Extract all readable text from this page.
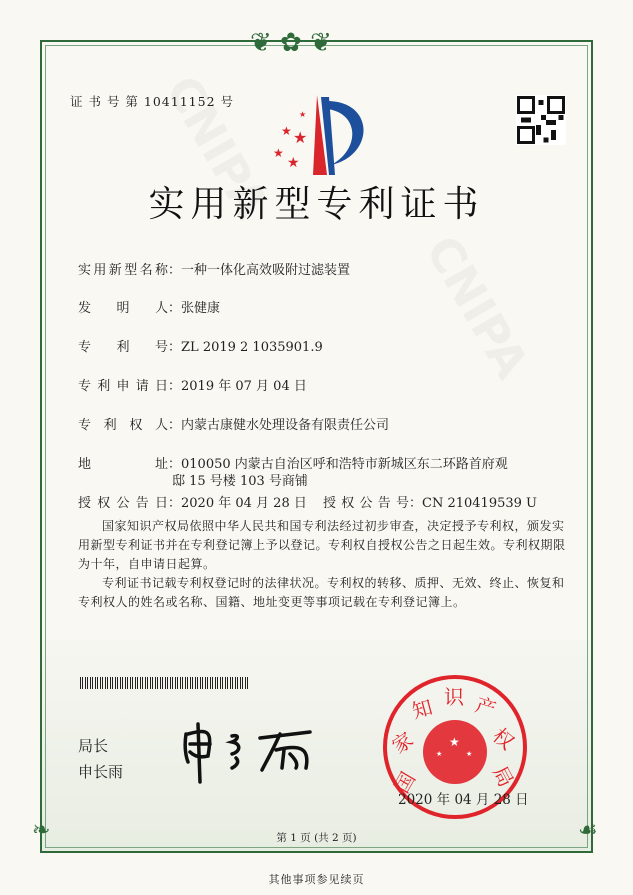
❦ ✿ ❦
❧	☙
证 书 号 第 10411152 号
★
★ ★
★
★
实用新型专利证书
实用新型名称：一种一体化高效吸附过滤装置
发明人：张健康
专利号：ZL 2019 2 1035901.9
专利申请日：2019 年 07 月 04 日
专利权人：内蒙古康健水处理设备有限责任公司
地址：010050 内蒙古自治区呼和浩特市新城区东二环路首府观
邸 15 号楼 103 号商铺
授权公告日：2020 年 04 月 28 日 授权公告号：CN 210419539 U
国家知识产权局依照中华人民共和国专利法经过初步审查，决定授予专利权，颁发实用新型专利证书并在专利登记簿上予以登记。专利权自授权公告之日起生效。专利权期限为十年，自申请日起算。
专利证书记载专利权登记时的法律状况。专利权的转移、质押、无效、终止、恢复和专利权人的姓名或名称、国籍、地址变更等事项记载在专利登记簿上。
局长
申长雨
★
★	★
国
家
知 识 产
权
局
2020 年 04 月 28 日
第 1 页 (共 2 页)
其他事项参见续页
